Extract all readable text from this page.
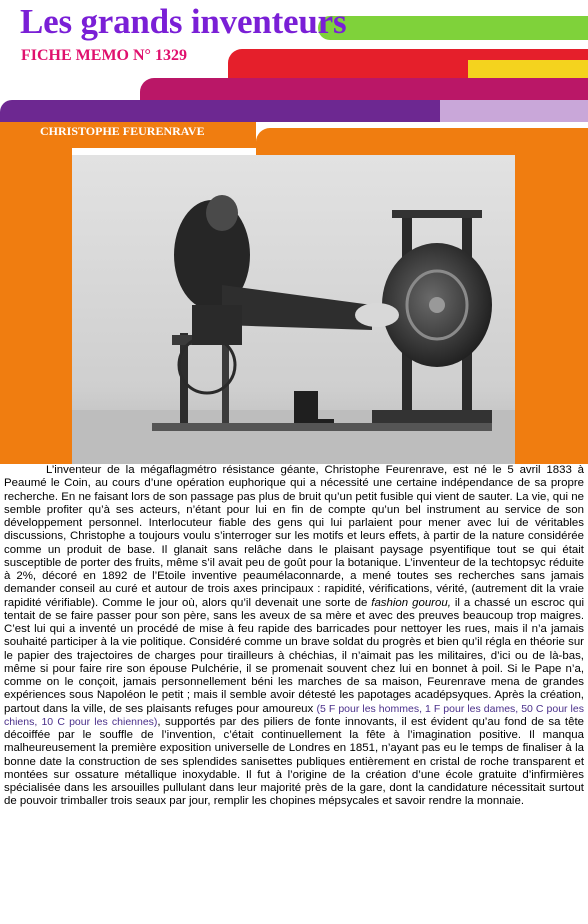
Les grands inventeurs
FICHE MEMO N° 1329
CHRISTOPHE FEURENRAVE
L’inventeur de la mégaflagmétro résistance géante, Christophe Feurenrave, est né le 5 avril 1833 à Peaumé le Coin, au cours d’une opération euphorique qui a nécessité une certaine indépendance de sa propre recherche. En ne faisant lors de son passage pas plus de bruit qu’un petit fusible qui vient de sauter. La vie, qui ne semble profiter qu’à ses acteurs, n’étant pour lui en fin de compte qu’un bel instrument au service de son développement personnel. Interlocuteur fiable des gens qui lui parlaient pour mener avec lui de véritables discussions, Christophe a toujours voulu s’interroger sur les motifs et leurs effets, à partir de la nature considérée comme un produit de base. Il glanait sans relâche dans le plaisant paysage psyentifique tout se qui était susceptible de porter des fruits, même s’il avait peu de goût pour la botanique. L’inventeur de la techtopsyc réduite à 2%, décoré en 1892 de l’Etoile inventive peaumélaconnarde, a mené toutes ses recherches sans jamais demander conseil au curé et autour de trois axes principaux : rapidité, vérifications, vérité, (autrement dit la vraie rapidité vérifiable). Comme le jour où, alors qu’il devenait une sorte de fashion gourou, il a chassé un escroc qui tentait de se faire passer pour son père, sans les aveux de sa mère et avec des preuves beaucoup trop maigres. C’est lui qui a inventé un procédé de mise à feu rapide des barricades pour nettoyer les rues, mais il n’a jamais souhaité participer à la vie politique. Considéré comme un brave soldat du progrès et bien qu’il régla en théorie sur le papier des trajectoires de charges pour tirailleurs à chéchias, il n’aimait pas les militaires, d’ici ou de là-bas, même si pour faire rire son épouse Pulchérie, il se promenait souvent chez lui en bonnet à poil. Si le Pape n’a, comme on le conçoit, jamais personnellement béni les marches de sa maison, Feurenrave mena de grandes expériences sous Napoléon le petit ; mais il semble avoir détesté les papotages acadépsyques. Après la création, partout dans la ville, de ses plaisants refuges pour amoureux (5 F pour les hommes, 1 F pour les dames, 50 C pour les chiens, 10 C pour les chiennes), supportés par des piliers de fonte innovants, il est évident qu’au fond de sa tête décoiffée par le souffle de l’invention, c’était continuellement la fête à l’imagination positive. Il manqua malheureusement la première exposition universelle de Londres en 1851, n’ayant pas eu le temps de finaliser à la bonne date la construction de ses splendides sanisettes publiques entièrement en cristal de roche transparent et montées sur ossature métallique inoxydable. Il fut à l’origine de la création d’une école gratuite d’infirmières spécialisée dans les arsouilles pullulant dans leur majorité près de la gare, dont la candidature nécessitait surtout de pouvoir trimballer trois seaux par jour, remplir les chopines mépsycales et savoir rendre la monnaie.
